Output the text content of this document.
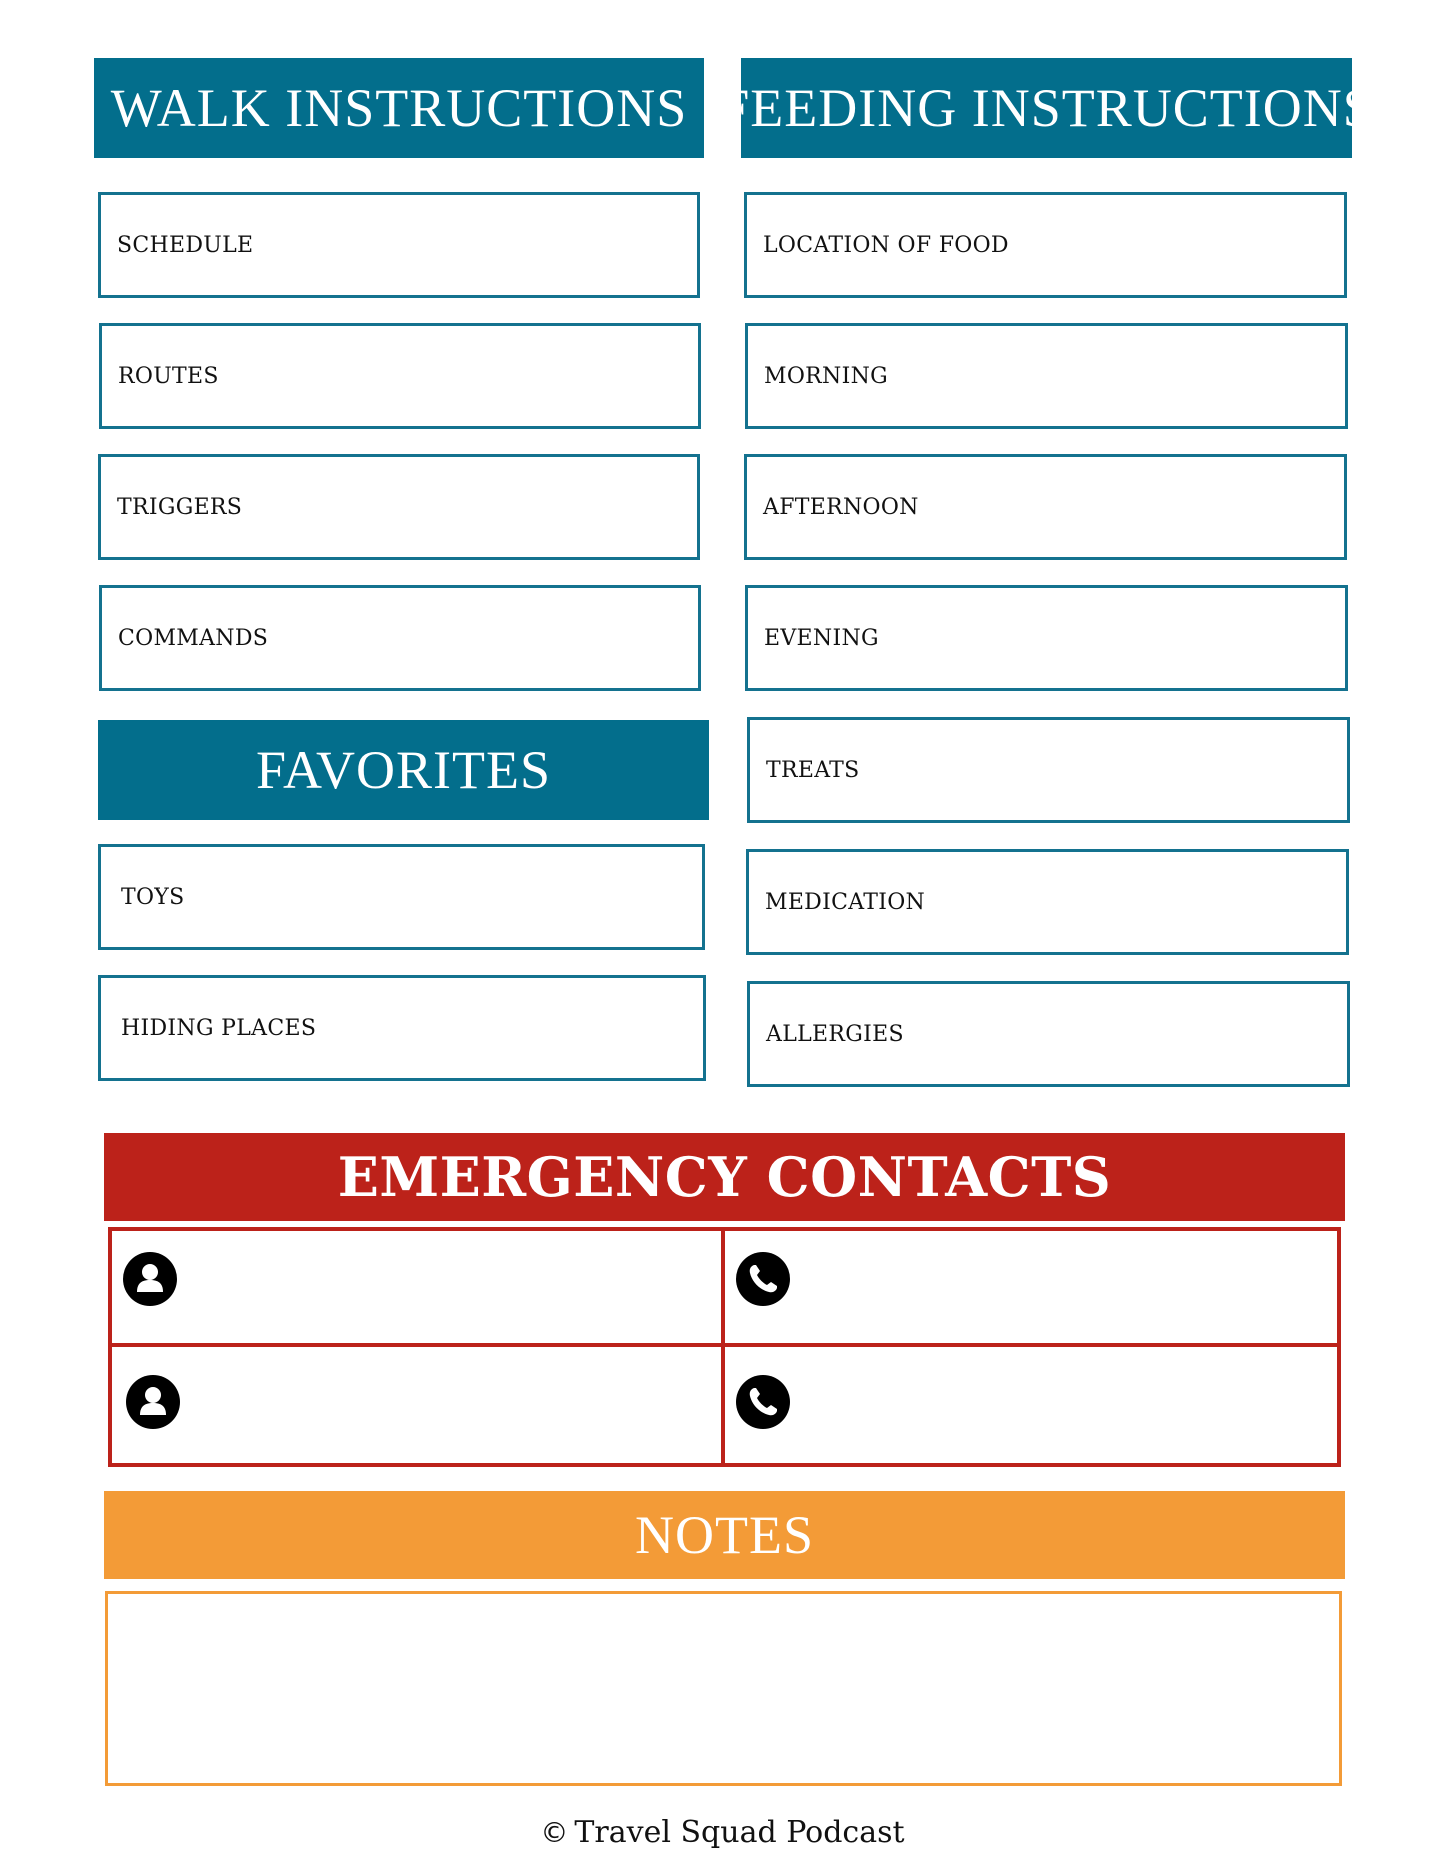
WALK INSTRUCTIONS
SCHEDULE
ROUTES
TRIGGERS
COMMANDS
FAVORITES
TOYS
HIDING PLACES
FEEDING INSTRUCTIONS
LOCATION OF FOOD
MORNING
AFTERNOON
EVENING
TREATS
MEDICATION
ALLERGIES
EMERGENCY CONTACTS
NOTES
© Travel Squad Podcast
